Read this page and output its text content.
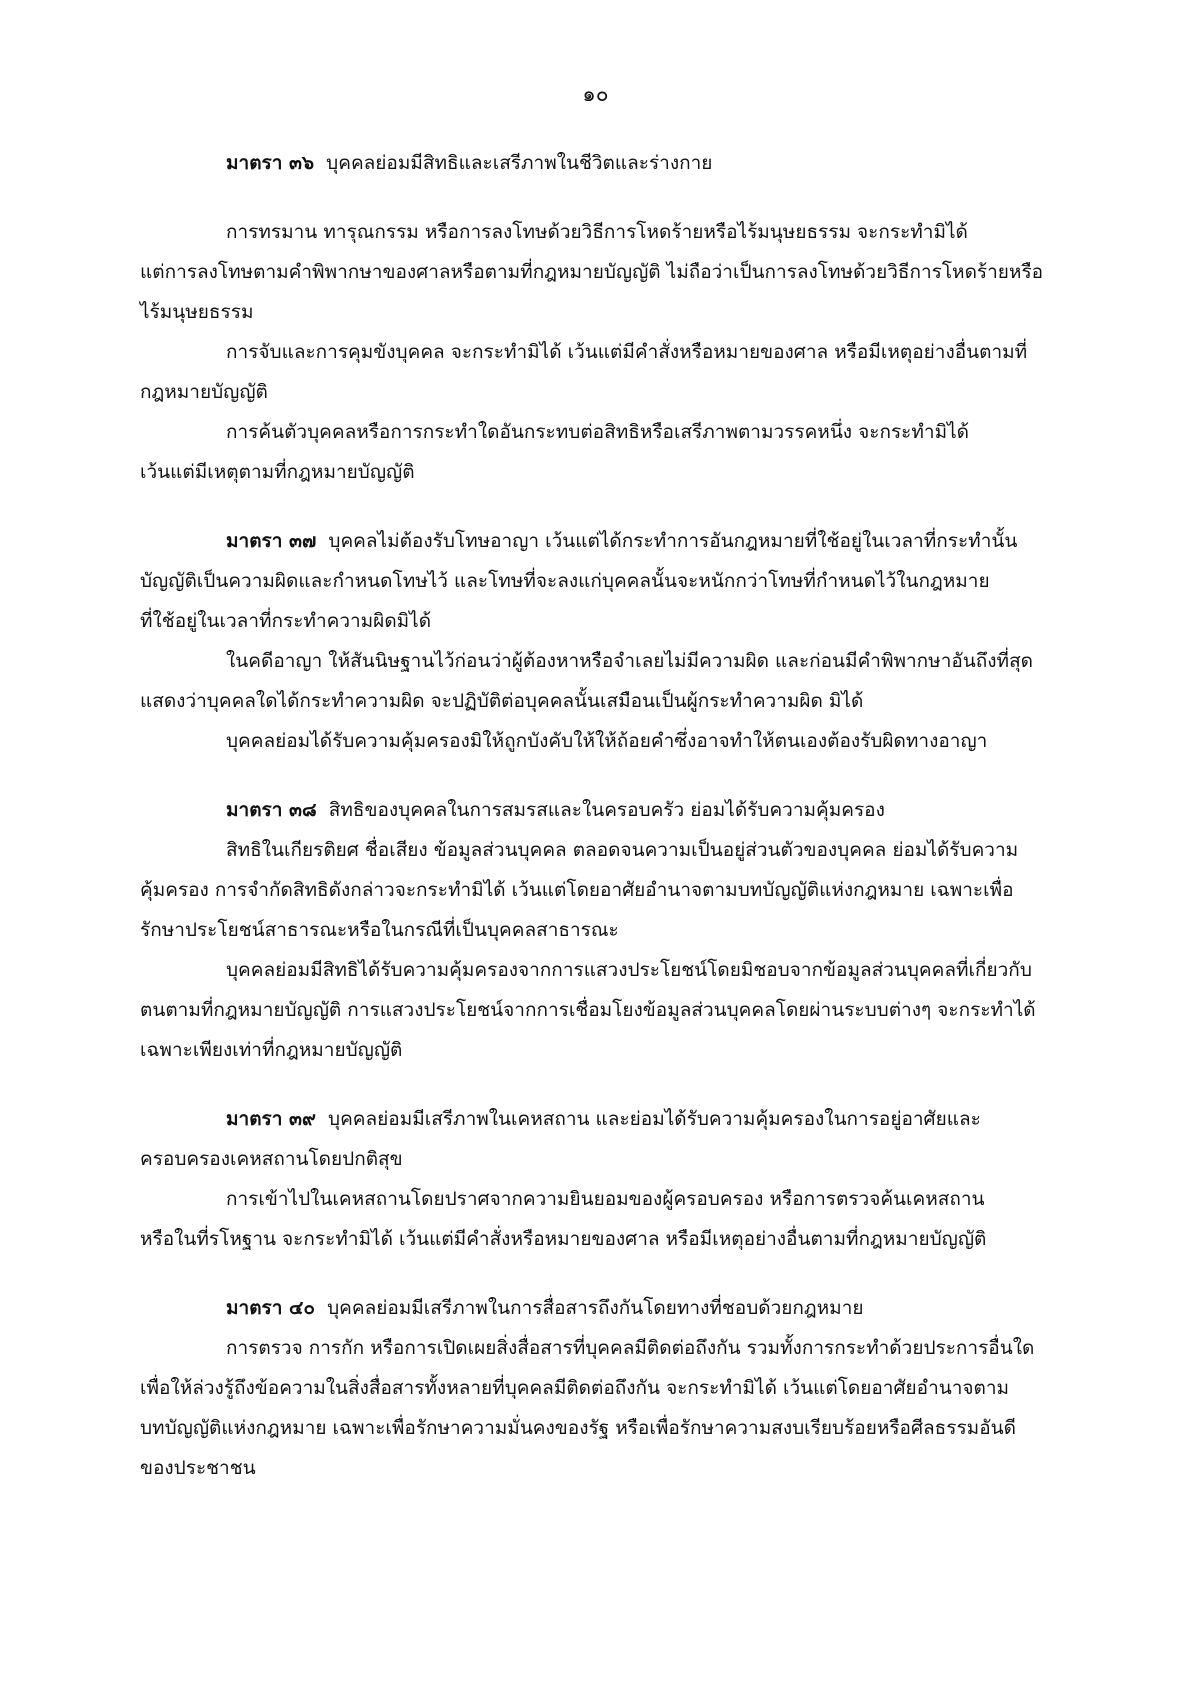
๑๐
มาตรา ๓๖ บุคคลย่อมมีสิทธิและเสรีภาพในชีวิตและร่างกาย
การทรมาน ทารุณกรรม หรือการลงโทษด้วยวิธีการโหดร้ายหรือไร้มนุษยธรรม จะกระทำมิได้
แต่การลงโทษตามคำพิพากษาของศาลหรือตามที่กฎหมายบัญญัติ ไม่ถือว่าเป็นการลงโทษด้วยวิธีการโหดร้ายหรือ
ไร้มนุษยธรรม
การจับและการคุมขังบุคคล จะกระทำมิได้ เว้นแต่มีคำสั่งหรือหมายของศาล หรือมีเหตุอย่างอื่นตามที่
กฎหมายบัญญัติ
การค้นตัวบุคคลหรือการกระทำใดอันกระทบต่อสิทธิหรือเสรีภาพตามวรรคหนึ่ง จะกระทำมิได้
เว้นแต่มีเหตุตามที่กฎหมายบัญญัติ
มาตรา ๓๗ บุคคลไม่ต้องรับโทษอาญา เว้นแต่ได้กระทำการอันกฎหมายที่ใช้อยู่ในเวลาที่กระทำนั้น
บัญญัติเป็นความผิดและกำหนดโทษไว้ และโทษที่จะลงแก่บุคคลนั้นจะหนักกว่าโทษที่กำหนดไว้ในกฎหมาย
ที่ใช้อยู่ในเวลาที่กระทำความผิดมิได้
ในคดีอาญา ให้สันนิษฐานไว้ก่อนว่าผู้ต้องหาหรือจำเลยไม่มีความผิด และก่อนมีคำพิพากษาอันถึงที่สุด
แสดงว่าบุคคลใดได้กระทำความผิด จะปฏิบัติต่อบุคคลนั้นเสมือนเป็นผู้กระทำความผิด มิได้
บุคคลย่อมได้รับความคุ้มครองมิให้ถูกบังคับให้ให้ถ้อยคำซึ่งอาจทำให้ตนเองต้องรับผิดทางอาญา
มาตรา ๓๘ สิทธิของบุคคลในการสมรสและในครอบครัว ย่อมได้รับความคุ้มครอง
สิทธิในเกียรติยศ ชื่อเสียง ข้อมูลส่วนบุคคล ตลอดจนความเป็นอยู่ส่วนตัวของบุคคล ย่อมได้รับความ
คุ้มครอง การจำกัดสิทธิดังกล่าวจะกระทำมิได้ เว้นแต่โดยอาศัยอำนาจตามบทบัญญัติแห่งกฎหมาย เฉพาะเพื่อ
รักษาประโยชน์สาธารณะหรือในกรณีที่เป็นบุคคลสาธารณะ
บุคคลย่อมมีสิทธิได้รับความคุ้มครองจากการแสวงประโยชน์โดยมิชอบจากข้อมูลส่วนบุคคลที่เกี่ยวกับ
ตนตามที่กฎหมายบัญญัติ การแสวงประโยชน์จากการเชื่อมโยงข้อมูลส่วนบุคคลโดยผ่านระบบต่างๆ จะกระทำได้
เฉพาะเพียงเท่าที่กฎหมายบัญญัติ
มาตรา ๓๙ บุคคลย่อมมีเสรีภาพในเคหสถาน และย่อมได้รับความคุ้มครองในการอยู่อาศัยและ
ครอบครองเคหสถานโดยปกติสุข
การเข้าไปในเคหสถานโดยปราศจากความยินยอมของผู้ครอบครอง หรือการตรวจค้นเคหสถาน
หรือในที่รโหฐาน จะกระทำมิได้ เว้นแต่มีคำสั่งหรือหมายของศาล หรือมีเหตุอย่างอื่นตามที่กฎหมายบัญญัติ
มาตรา ๔๐ บุคคลย่อมมีเสรีภาพในการสื่อสารถึงกันโดยทางที่ชอบด้วยกฎหมาย
การตรวจ การกัก หรือการเปิดเผยสิ่งสื่อสารที่บุคคลมีติดต่อถึงกัน รวมทั้งการกระทำด้วยประการอื่นใด
เพื่อให้ล่วงรู้ถึงข้อความในสิ่งสื่อสารทั้งหลายที่บุคคลมีติดต่อถึงกัน จะกระทำมิได้ เว้นแต่โดยอาศัยอำนาจตาม
บทบัญญัติแห่งกฎหมาย เฉพาะเพื่อรักษาความมั่นคงของรัฐ หรือเพื่อรักษาความสงบเรียบร้อยหรือศีลธรรมอันดี
ของประชาชน
